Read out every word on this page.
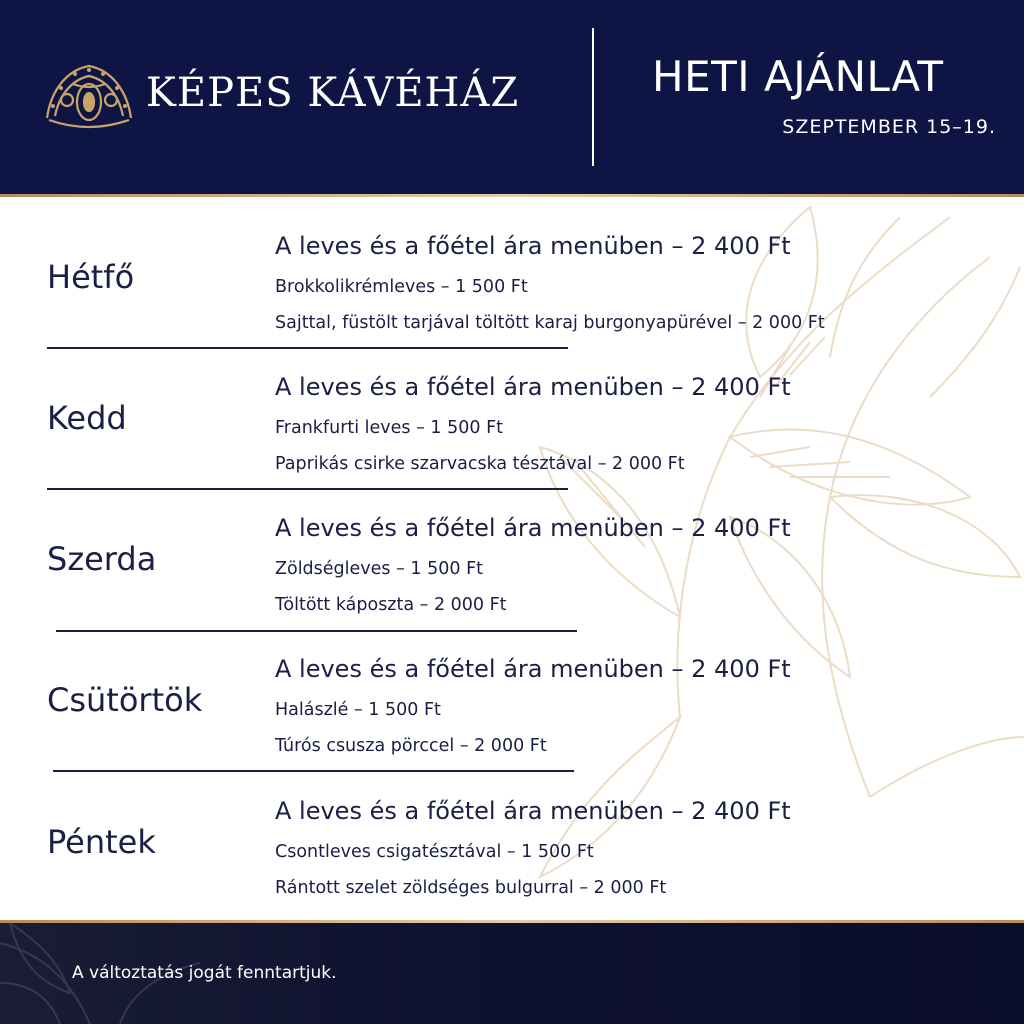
KÉPES KÁVÉHÁZ	HETI AJÁNLAT
SZEPTEMBER 15–19.
Hétfő
A leves és a főétel ára menüben – 2 400 Ft
Brokkolikrémleves – 1 500 Ft
Sajttal, füstölt tarjával töltött karaj burgonyapürével – 2 000 Ft
Kedd
A leves és a főétel ára menüben – 2 400 Ft
Frankfurti leves – 1 500 Ft
Paprikás csirke szarvacska tésztával – 2 000 Ft
Szerda
A leves és a főétel ára menüben – 2 400 Ft
Zöldségleves – 1 500 Ft
Töltött káposzta – 2 000 Ft
Csütörtök
A leves és a főétel ára menüben – 2 400 Ft
Halászlé – 1 500 Ft
Túrós csusza pörccel – 2 000 Ft
Péntek
A leves és a főétel ára menüben – 2 400 Ft
Csontleves csigatésztával – 1 500 Ft
Rántott szelet zöldséges bulgurral – 2 000 Ft
A változtatás jogát fenntartjuk.
